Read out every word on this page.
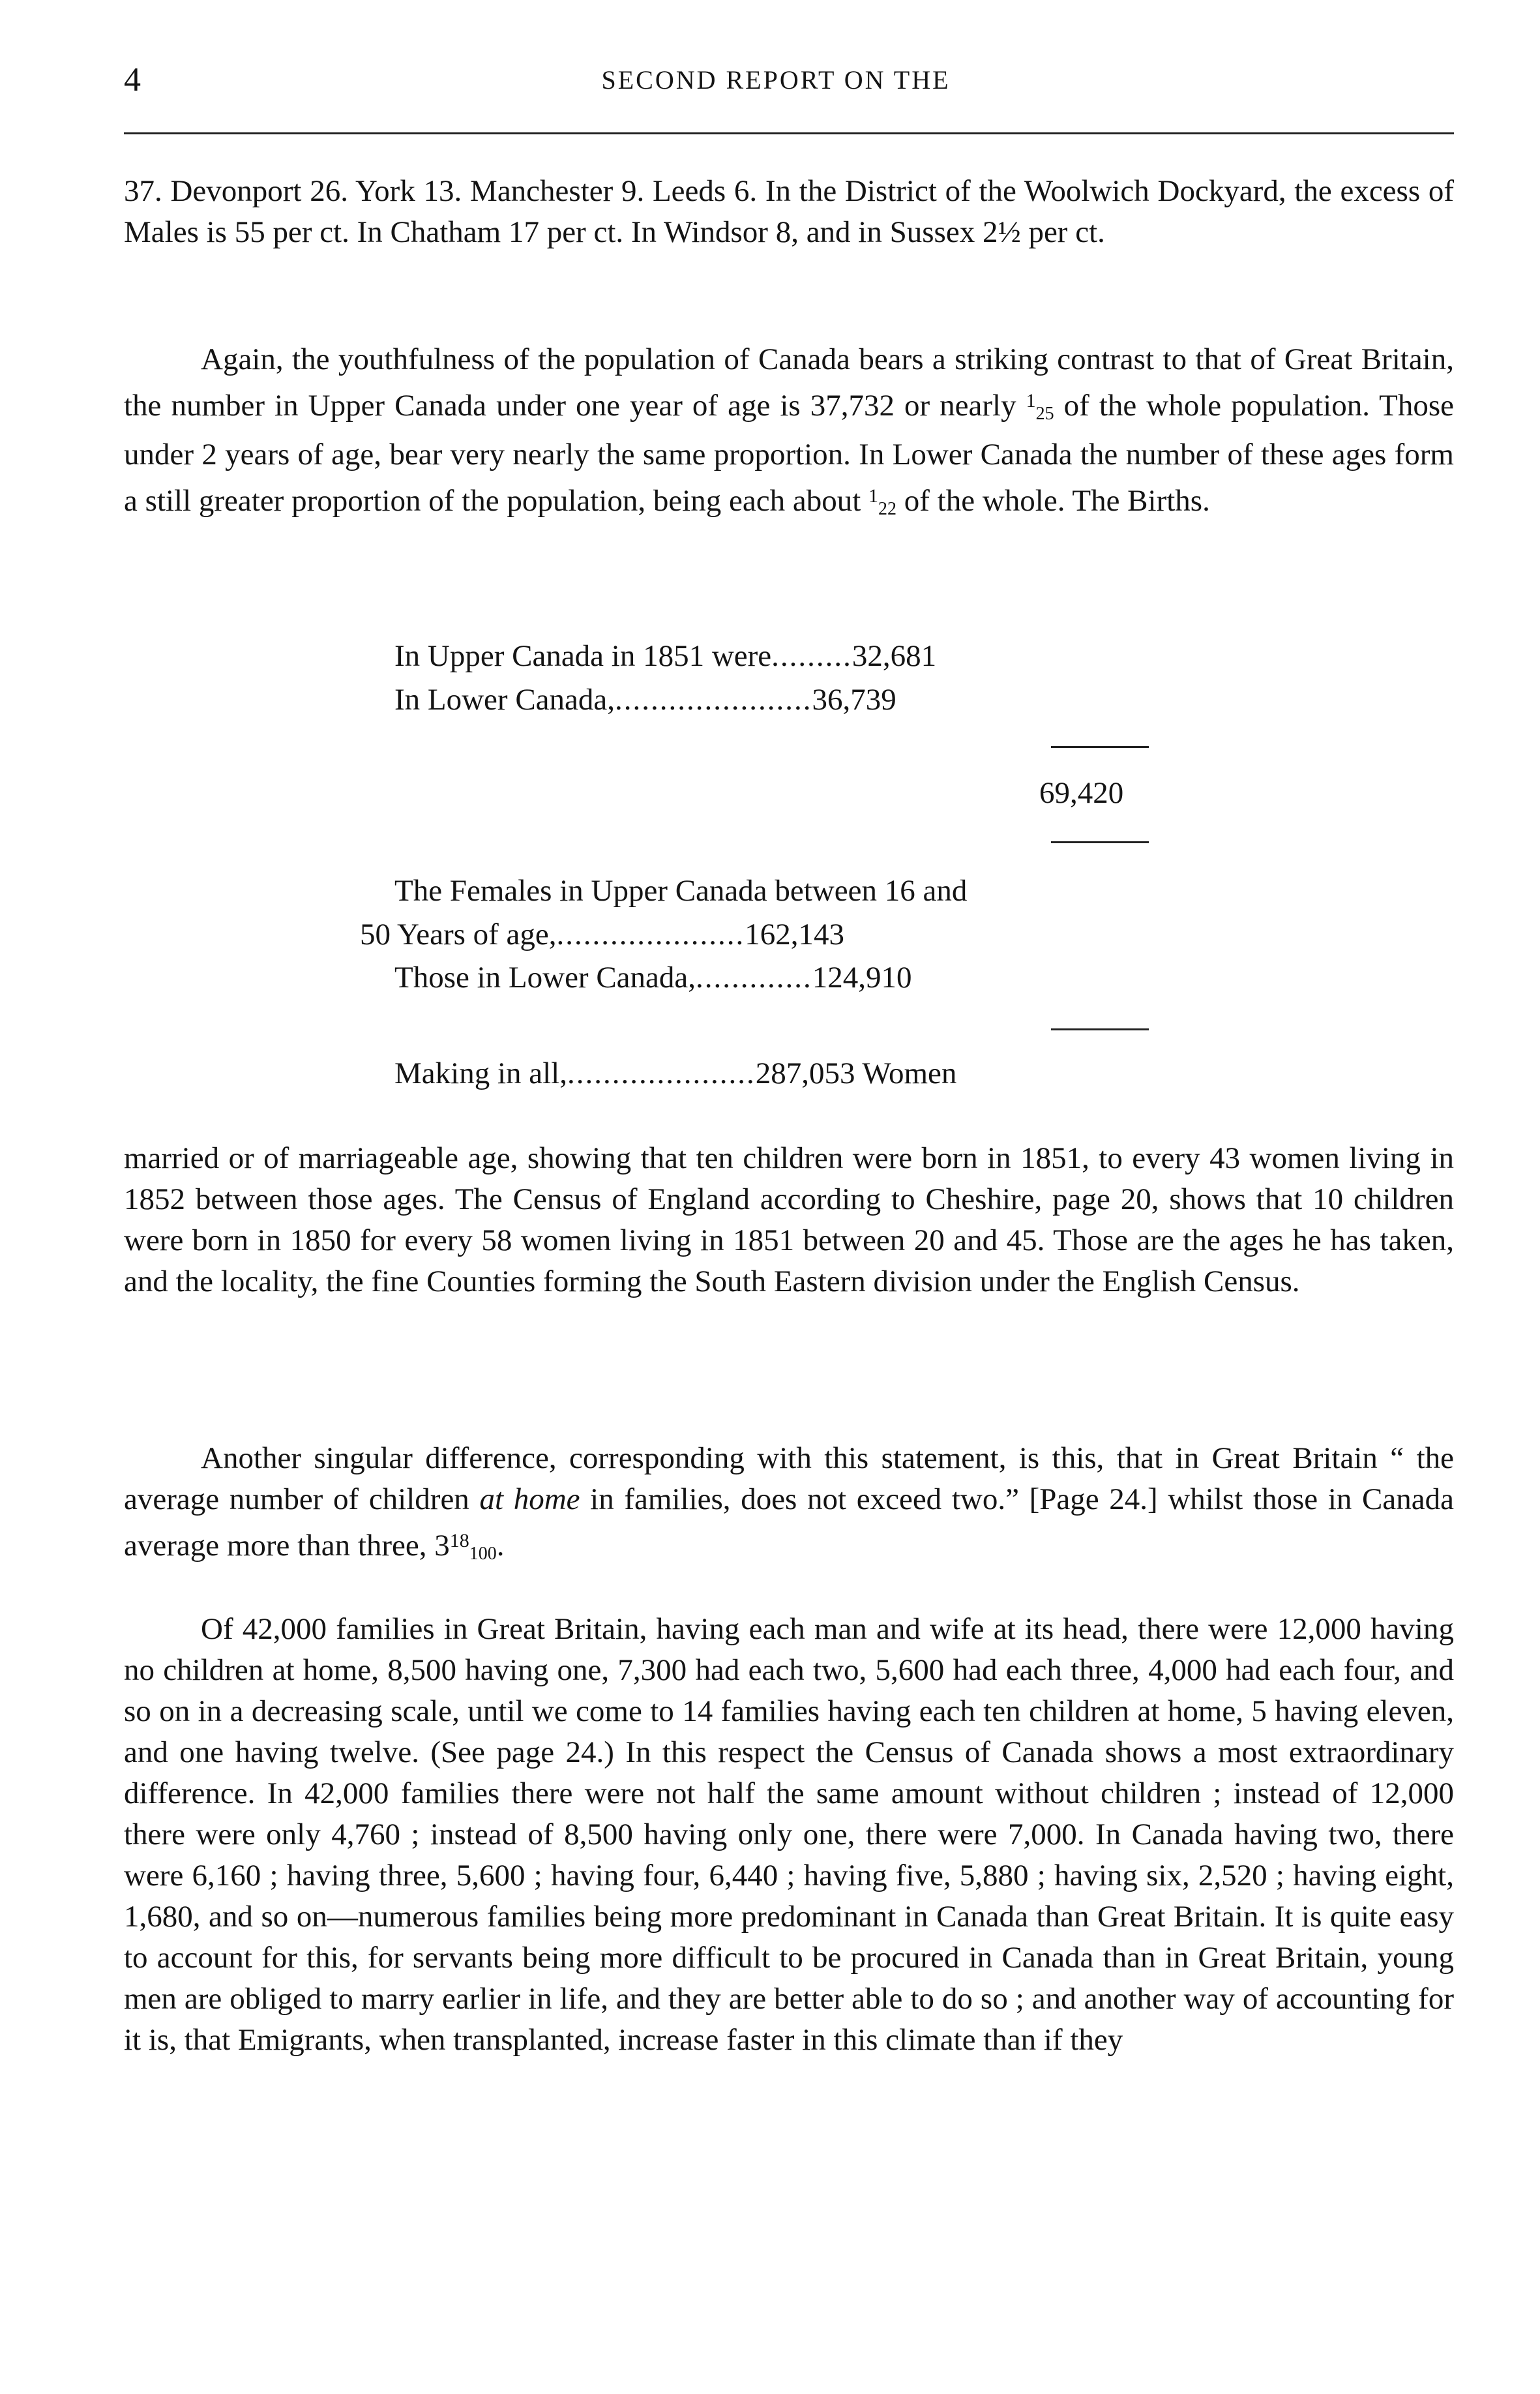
4	SECOND REPORT ON THE

37. Devonport 26. York 13. Manchester 9. Leeds 6. In the District of the Woolwich Dockyard, the excess of Males is 55 per ct. In Chatham 17 per ct. In Windsor 8, and in Sussex 2½ per ct.

Again, the youthfulness of the population of Canada bears a striking contrast to that of Great Britain, the number in Upper Canada under one year of age is 37,732 or nearly $^1$25 of the whole population. Those under 2 years of age, bear very nearly the same proportion. In Lower Canada the number of these ages form a still greater proportion of the population, being each about $^1$22 of the whole. The Births.

In Upper Canada in 1851 were.........32,681
In Lower Canada,......................36,739
69,420
The Females in Upper Canada between 16 and
50 Years of age,.....................162,143
Those in Lower Canada,.............124,910
Making in all,.....................287,053 Women

married or of marriageable age, showing that ten children were born in 1851, to every 43 women living in 1852 between those ages. The Census of England according to Cheshire, page 20, shows that 10 children were born in 1850 for every 58 women living in 1851 between 20 and 45. Those are the ages he has taken, and the locality, the fine Counties forming the South Eastern division under the English Census.

Another singular difference, corresponding with this statement, is this, that in Great Britain “ the average number of children at home in families, does not exceed two.” [Page 24.] whilst those in Canada average more than three, $3^{18}100$.

Of 42,000 families in Great Britain, having each man and wife at its head, there were 12,000 having no children at home, 8,500 having one, 7,300 had each two, 5,600 had each three, 4,000 had each four, and so on in a decreasing scale, until we come to 14 families having each ten children at home, 5 having eleven, and one having twelve. (See page 24.) In this respect the Census of Canada shows a most extraordinary difference. In 42,000 families there were not half the same amount without children ; instead of 12,000 there were only 4,760 ; instead of 8,500 having only one, there were 7,000. In Canada having two, there were 6,160 ; having three, 5,600 ; having four, 6,440 ; having five, 5,880 ; having six, 2,520 ; having eight, 1,680, and so on—numerous families being more predominant in Canada than Great Britain. It is quite easy to account for this, for servants being more difficult to be procured in Canada than in Great Britain, young men are obliged to marry earlier in life, and they are better able to do so ; and another way of accounting for it is, that Emigrants, when transplanted, increase faster in this climate than if they
